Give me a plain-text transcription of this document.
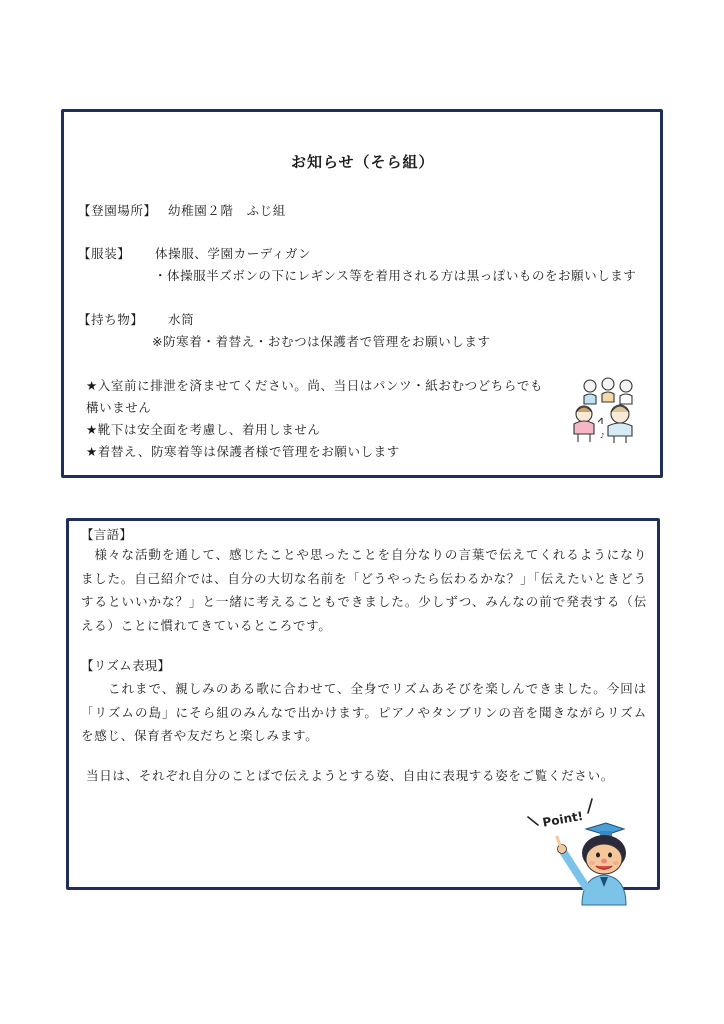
お知らせ（そら組）
【登園場所】 幼稚園２階　ふじ組
【服装】 体操服、学園カーディガン
・体操服半ズボンの下にレギンス等を着用される方は黒っぽいものをお願いします
【持ち物】 水筒
※防寒着・着替え・おむつは保護者で管理をお願いします
★入室前に排泄を済ませてください。尚、当日はパンツ・紙おむつどちらでも
構いません
★靴下は安全面を考慮し、着用しません
★着替え、防寒着等は保護者様で管理をお願いします
♪
【言語】
　様々な活動を通して、感じたことや思ったことを自分なりの言葉で伝えてくれるようになりました。自己紹介では、自分の大切な名前を「どうやったら伝わるかな？」「伝えたいときどうするといいかな？」と一緒に考えることもできました。少しずつ、みんなの前で発表する（伝える）ことに慣れてきているところです。
【リズム表現】
　　これまで、親しみのある歌に合わせて、全身でリズムあそびを楽しんできました。今回は「リズムの島」にそら組のみんなで出かけます。ピアノやタンブリンの音を聞きながらリズムを感じ、保育者や友だちと楽しみます。
当日は、それぞれ自分のことばで伝えようとする姿、自由に表現する姿をご覧ください。
Point!
